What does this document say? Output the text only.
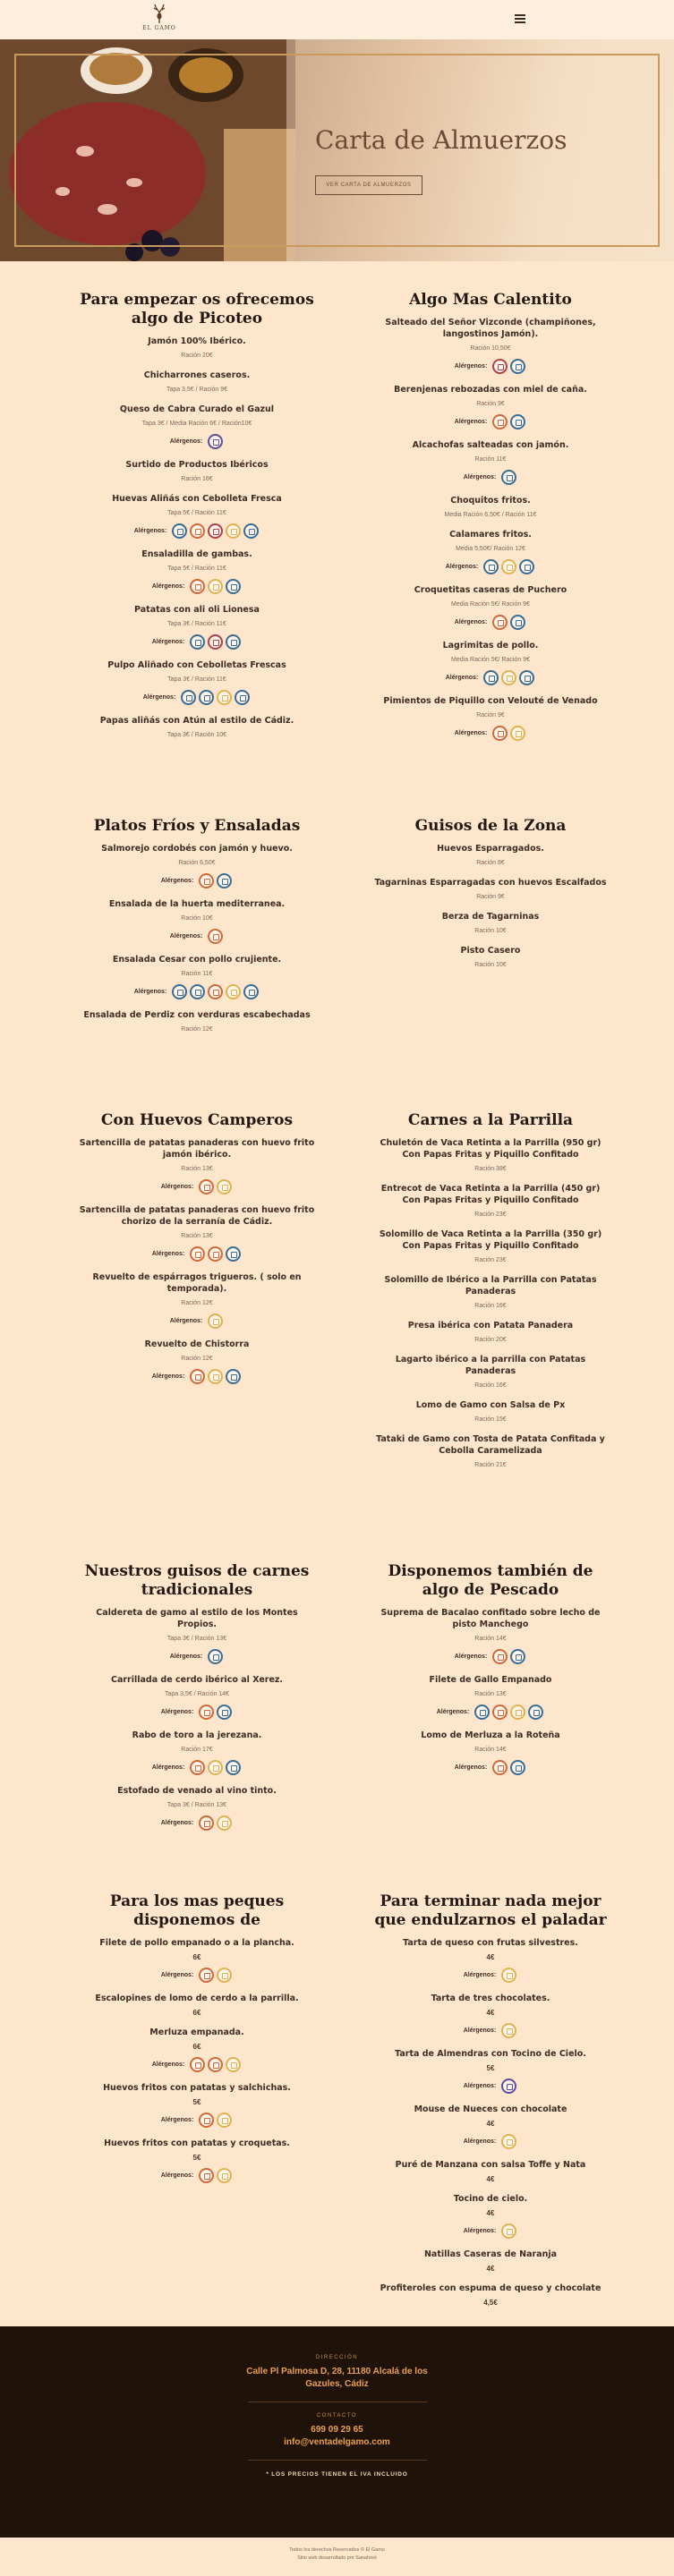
EL GAMO
Carta de Almuerzos
VER CARTA DE ALMUERZOS
Para empezar os ofrecemos algo de Picoteo
Jamón 100% Ibérico.
Ración 20€
Chicharrones caseros.
Tapa 3,5€ / Ración 9€
Queso de Cabra Curado el Gazul
Tapa 3€ / Media Ración 6€ / Ración10€
Alérgenos:
Surtido de Productos Ibéricos
Ración 16€
Huevas Aliñás con Cebolleta Fresca
Tapa 5€ / Ración 11€
Alérgenos:
Ensaladilla de gambas.
Tapa 5€ / Ración 11€
Alérgenos:
Patatas con ali oli Lionesa
Tapa 3€ / Ración 11€
Alérgenos:
Pulpo Aliñado con Cebolletas Frescas
Tapa 3€ / Ración 11€
Alérgenos:
Papas aliñás con Atún al estilo de Cádiz.
Tapa 3€ / Ración 10€
Algo Mas Calentito
Salteado del Señor Vizconde (champiñones, langostinos Jamón).
Ración 10,50€
Alérgenos:
Berenjenas rebozadas con miel de caña.
Ración 9€
Alérgenos:
Alcachofas salteadas con jamón.
Ración 11€
Alérgenos:
Choquitos fritos.
Media Ración 6,50€ / Ración 11€
Calamares fritos.
Media 5,50€/ Ración 12€
Alérgenos:
Croquetitas caseras de Puchero
Media Ración 5€/ Ración 9€
Alérgenos:
Lagrimitas de pollo.
Media Ración 5€/ Ración 9€
Alérgenos:
Pimientos de Piquillo con Velouté de Venado
Ración 9€
Alérgenos:
Platos Fríos y Ensaladas
Salmorejo cordobés con jamón y huevo.
Ración 6,50€
Alérgenos:
Ensalada de la huerta mediterranea.
Ración 10€
Alérgenos:
Ensalada Cesar con pollo crujiente.
Ración 11€
Alérgenos:
Ensalada de Perdiz con verduras escabechadas
Ración 12€
Guisos de la Zona
Huevos Esparragados.
Ración 8€
Tagarninas Esparragadas con huevos Escalfados
Ración 9€
Berza de Tagarninas
Ración 10€
Pisto Casero
Ración 10€
Con Huevos Camperos
Sartencilla de patatas panaderas con huevo frito jamón ibérico.
Ración 13€
Alérgenos:
Sartencilla de patatas panaderas con huevo frito chorizo de la serranía de Cádiz.
Ración 13€
Alérgenos:
Revuelto de espárragos trigueros. ( solo en temporada).
Ración 12€
Alérgenos:
Revuelto de Chistorra
Ración 12€
Alérgenos:
Carnes a la Parrilla
Chuletón de Vaca Retinta a la Parrilla (950 gr) Con Papas Fritas y Piquillo Confitado
Ración 38€
Entrecot de Vaca Retinta a la Parrilla (450 gr) Con Papas Fritas y Piquillo Confitado
Ración 23€
Solomillo de Vaca Retinta a la Parrilla (350 gr) Con Papas Fritas y Piquillo Confitado
Ración 23€
Solomillo de Ibérico a la Parrilla con Patatas Panaderas
Ración 16€
Presa ibérica con Patata Panadera
Ración 20€
Lagarto ibérico a la parrilla con Patatas Panaderas
Ración 16€
Lomo de Gamo con Salsa de Px
Ración 15€
Tataki de Gamo con Tosta de Patata Confitada y Cebolla Caramelizada
Ración 21€
Nuestros guisos de carnes tradicionales
Caldereta de gamo al estilo de los Montes Propios.
Tapa 3€ / Ración 13€
Alérgenos:
Carrillada de cerdo ibérico al Xerez.
Tapa 3,5€ / Ración 14€
Alérgenos:
Rabo de toro a la jerezana.
Ración 17€
Alérgenos:
Estofado de venado al vino tinto.
Tapa 3€ / Ración 13€
Alérgenos:
Disponemos también de algo de Pescado
Suprema de Bacalao confitado sobre lecho de pisto Manchego
Ración 14€
Alérgenos:
Filete de Gallo Empanado
Ración 13€
Alérgenos:
Lomo de Merluza a la Roteña
Ración 14€
Alérgenos:
Para los mas peques disponemos de
Filete de pollo empanado o a la plancha.
6€
Alérgenos:
Escalopines de lomo de cerdo a la parrilla.
6€
Merluza empanada.
6€
Alérgenos:
Huevos fritos con patatas y salchichas.
5€
Alérgenos:
Huevos fritos con patatas y croquetas.
5€
Alérgenos:
Para terminar nada mejor que endulzarnos el paladar
Tarta de queso con frutas silvestres.
4€
Alérgenos:
Tarta de tres chocolates.
4€
Alérgenos:
Tarta de Almendras con Tocino de Cielo.
5€
Alérgenos:
Mouse de Nueces con chocolate
4€
Alérgenos:
Puré de Manzana con salsa Toffe y Nata
4€
Tocino de cielo.
4€
Alérgenos:
Natillas Caseras de Naranja
4€
Profiteroles con espuma de queso y chocolate
4,5€
DIRECCIÓN
Calle Pl Palmosa D, 28, 11180 Alcalá de los Gazules, Cádiz
CONTACTO
699 09 29 65
info@ventadelgamo.com
* LOS PRECIOS TIENEN EL IVA INCLUIDO
Todos los derechos Reservados © El Gamo
Sitio web desarrollado por Sanaheet
